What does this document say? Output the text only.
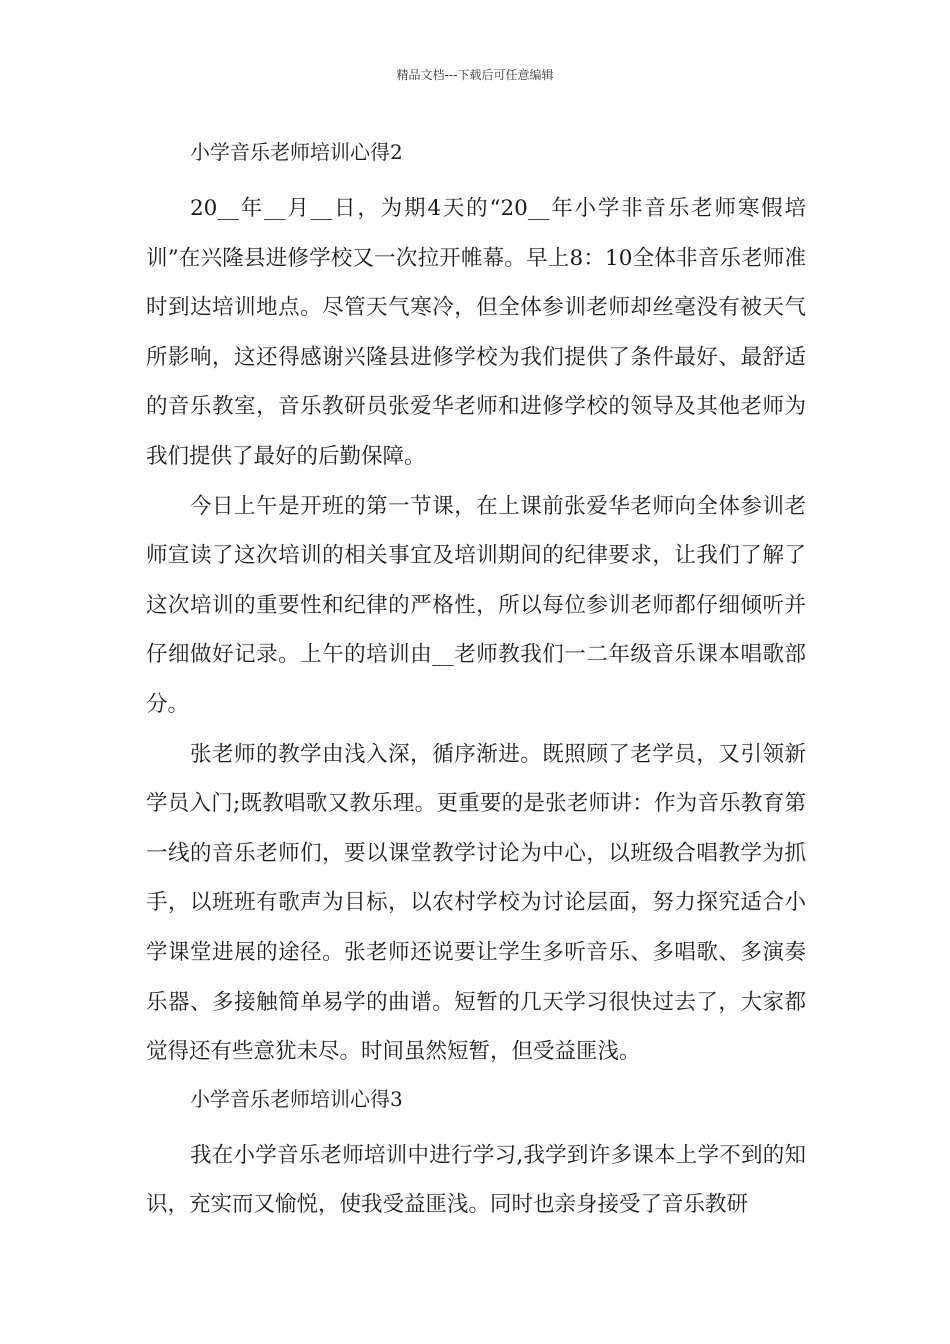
精品文档---下载后可任意编辑
小学音乐老师培训心得2

20__年__月__日，为期4天的“20__年小学非音乐老师寒假培训”在兴隆县进修学校又一次拉开帷幕。早上8：10全体非音乐老师准时到达培训地点。尽管天气寒冷，但全体参训老师却丝毫没有被天气所影响，这还得感谢兴隆县进修学校为我们提供了条件最好、最舒适的音乐教室，音乐教研员张爱华老师和进修学校的领导及其他老师为我们提供了最好的后勤保障。

今日上午是开班的第一节课，在上课前张爱华老师向全体参训老师宣读了这次培训的相关事宜及培训期间的纪律要求，让我们了解了这次培训的重要性和纪律的严格性，所以每位参训老师都仔细倾听并仔细做好记录。上午的培训由__老师教我们一二年级音乐课本唱歌部分。

张老师的教学由浅入深，循序渐进。既照顾了老学员，又引领新学员入门;既教唱歌又教乐理。更重要的是张老师讲：作为音乐教育第一线的音乐老师们，要以课堂教学讨论为中心，以班级合唱教学为抓手，以班班有歌声为目标，以农村学校为讨论层面，努力探究适合小学课堂进展的途径。张老师还说要让学生多听音乐、多唱歌、多演奏乐器、多接触简单易学的曲谱。短暂的几天学习很快过去了，大家都觉得还有些意犹未尽。时间虽然短暂，但受益匪浅。

小学音乐老师培训心得3

我在小学音乐老师培训中进行学习,我学到许多课本上学不到的知识，充实而又愉悦，使我受益匪浅。同时也亲身接受了音乐教研
